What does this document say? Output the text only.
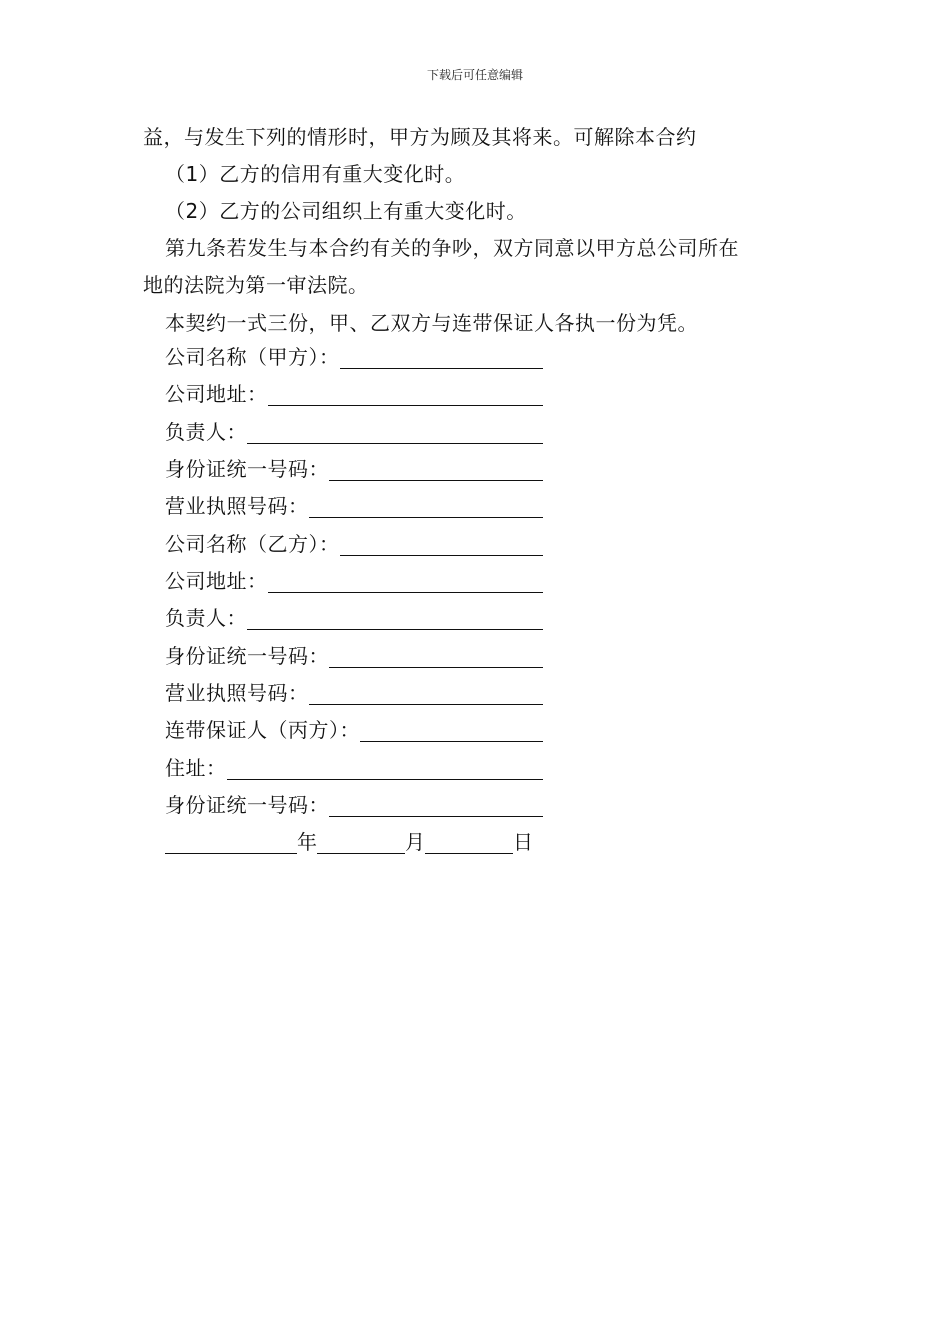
下载后可任意编辑
益，与发生下列的情形时，甲方为顾及其将来。可解除本合约
（1）乙方的信用有重大变化时。
（2）乙方的公司组织上有重大变化时。
第九条若发生与本合约有关的争吵，双方同意以甲方总公司所在
地的法院为第一审法院。
本契约一式三份，甲、乙双方与连带保证人各执一份为凭。
公司名称（甲方）：
公司地址：
负责人：
身份证统一号码：
营业执照号码：
公司名称（乙方）：
公司地址：
负责人：
身份证统一号码：
营业执照号码：
连带保证人（丙方）：
住址：
身份证统一号码：
年	月	日
